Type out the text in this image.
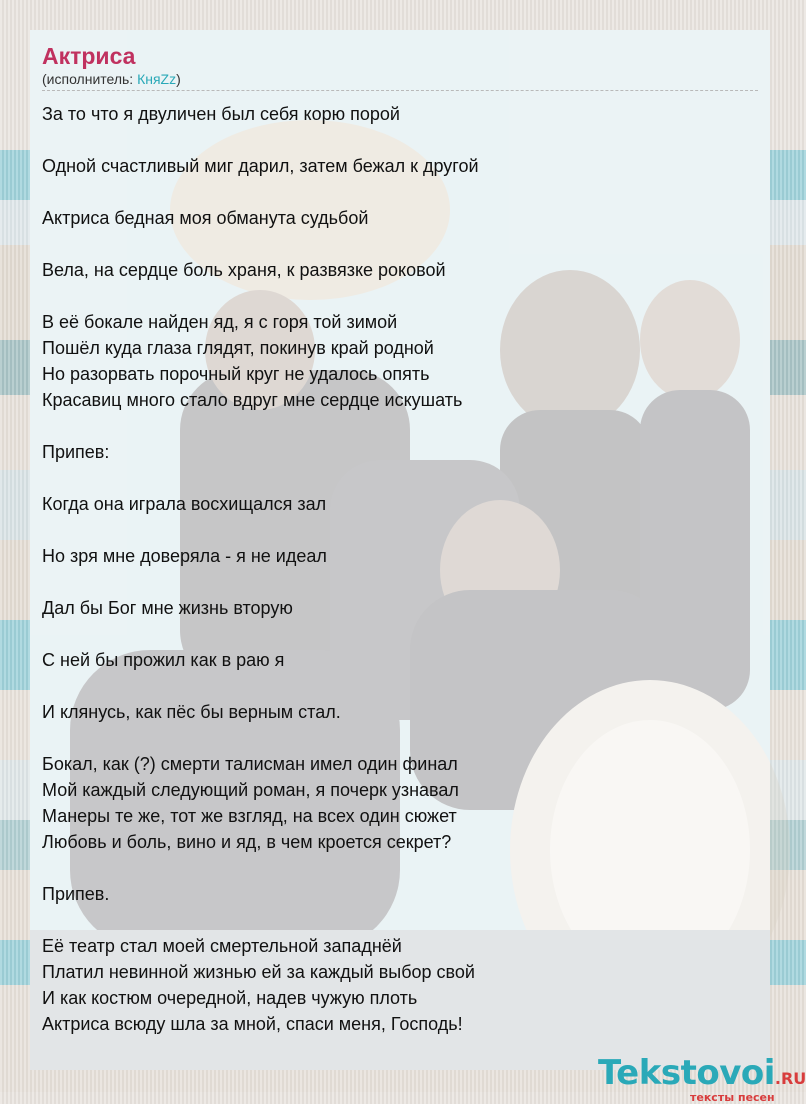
Актриса
(исполнитель: КняZz)
За то что я двуличен был себя корю порой
Одной счастливый миг дарил, затем бежал к другой
Актриса бедная моя обманута судьбой
Вела, на сердце боль храня, к развязке роковой
В её бокале найден яд, я с горя той зимой
Пошёл куда глаза глядят, покинув край родной
Но разорвать порочный круг не удалось опять
Красавиц много стало вдруг мне сердце искушать
Припев:
Когда она играла восхищался зал
Но зря мне доверяла - я не идеал
Дал бы Бог мне жизнь вторую
С ней бы прожил как в раю я
И клянусь, как пёс бы верным стал.
Бокал, как (?) смерти талисман имел один финал
Мой каждый следующий роман, я почерк узнавал
Манеры те же, тот же взгляд, на всех один сюжет
Любовь и боль, вино и яд, в чем кроется секрет?
Припев.
Её театр стал моей смертельной западнёй
Платил невинной жизнью ей за каждый выбор свой
И как костюм очередной, надев чужую плоть
Актриса всюду шла за мной, спаси меня, Господь!
Tekstovoi.RU
тексты песен
